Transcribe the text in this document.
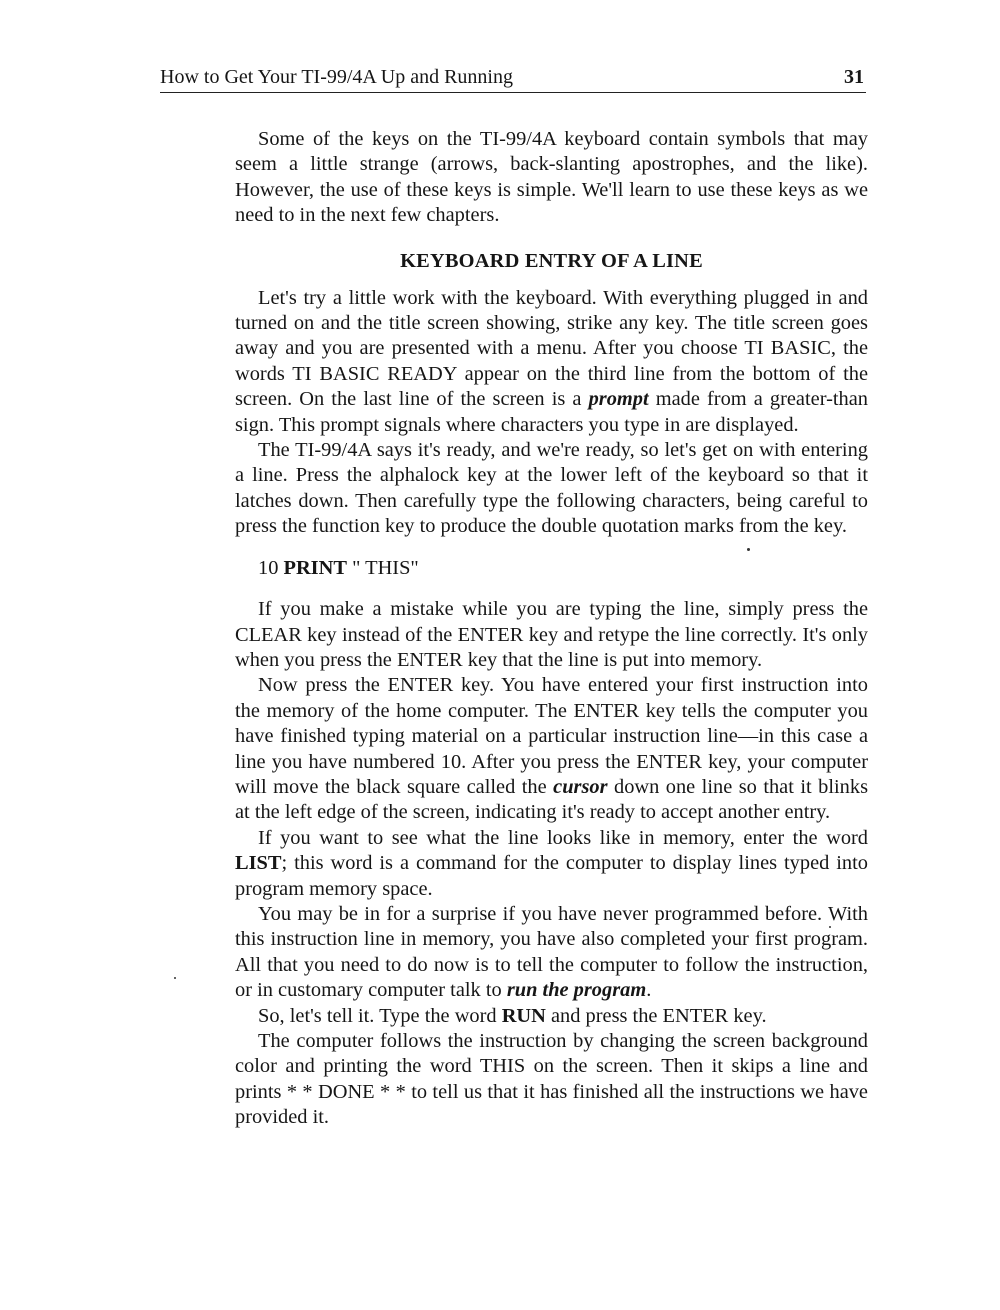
How to Get Your TI-99/4A Up and Running	31

Some of the keys on the TI-99/4A keyboard contain symbols that may seem a little strange (arrows, back-slanting apostrophes, and the like). However, the use of these keys is simple. We'll learn to use these keys as we need to in the next few chapters.

KEYBOARD ENTRY OF A LINE

Let's try a little work with the keyboard. With everything plugged in and turned on and the title screen showing, strike any key. The title screen goes away and you are presented with a menu. After you choose TI BASIC, the words TI BASIC READY appear on the third line from the bottom of the screen. On the last line of the screen is a prompt made from a greater-than sign. This prompt signals where characters you type in are displayed.

The TI-99/4A says it's ready, and we're ready, so let's get on with entering a line. Press the alphalock key at the lower left of the keyboard so that it latches down. Then carefully type the following characters, being careful to press the function key to produce the double quotation marks from the key.

10 PRINT " THIS"

If you make a mistake while you are typing the line, simply press the CLEAR key instead of the ENTER key and retype the line correctly. It's only when you press the ENTER key that the line is put into memory.

Now press the ENTER key. You have entered your first instruction into the memory of the home computer. The ENTER key tells the computer you have finished typing material on a particular instruction line—in this case a line you have numbered 10. After you press the ENTER key, your computer will move the black square called the cursor down one line so that it blinks at the left edge of the screen, indicating it's ready to accept another entry.

If you want to see what the line looks like in memory, enter the word LIST; this word is a command for the computer to display lines typed into program memory space.

You may be in for a surprise if you have never programmed before. With this instruction line in memory, you have also completed your first program. All that you need to do now is to tell the computer to follow the instruction, or in customary computer talk to run the program.

So, let's tell it. Type the word RUN and press the ENTER key.

The computer follows the instruction by changing the screen background color and printing the word THIS on the screen. Then it skips a line and prints * * DONE * * to tell us that it has finished all the instructions we have provided it.
